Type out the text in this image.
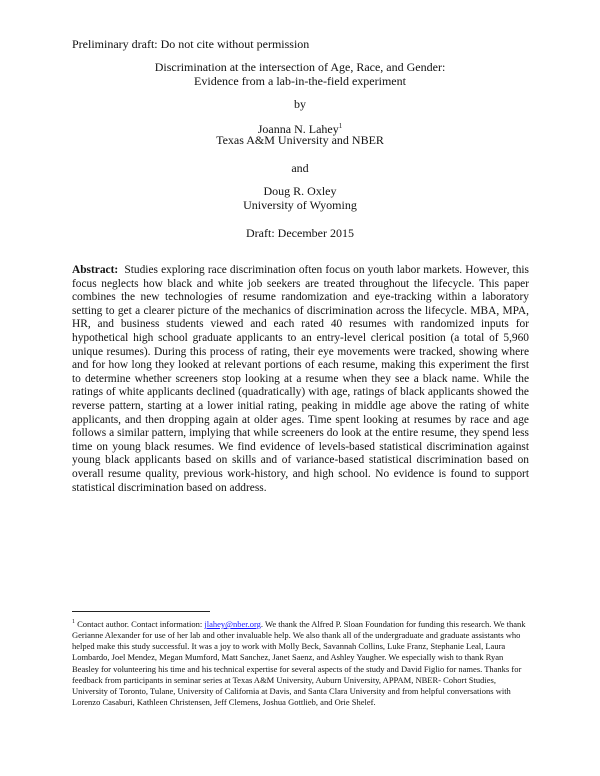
Preliminary draft: Do not cite without permission
Discrimination at the intersection of Age, Race, and Gender:
Evidence from a lab-in-the-field experiment
by
Joanna N. Lahey$^1$
Texas A&M University and NBER
and
Doug R. Oxley
University of Wyoming
Draft: December 2015
Abstract: Studies exploring race discrimination often focus on youth labor markets. However, this focus neglects how black and white job seekers are treated throughout the lifecycle. This paper combines the new technologies of resume randomization and eye-tracking within a laboratory setting to get a clearer picture of the mechanics of discrimination across the lifecycle. MBA, MPA, HR, and business students viewed and each rated 40 resumes with randomized inputs for hypothetical high school graduate applicants to an entry-level clerical position (a total of 5,960 unique resumes). During this process of rating, their eye movements were tracked, showing where and for how long they looked at relevant portions of each resume, making this experiment the first to determine whether screeners stop looking at a resume when they see a black name. While the ratings of white applicants declined (quadratically) with age, ratings of black applicants showed the reverse pattern, starting at a lower initial rating, peaking in middle age above the rating of white applicants, and then dropping again at older ages. Time spent looking at resumes by race and age follows a similar pattern, implying that while screeners do look at the entire resume, they spend less time on young black resumes. We find evidence of levels-based statistical discrimination against young black applicants based on skills and of variance-based statistical discrimination based on overall resume quality, previous work-history, and high school. No evidence is found to support statistical discrimination based on address.
$^1$ Contact author. Contact information: jlahey@nber.org. We thank the Alfred P. Sloan Foundation for funding this research. We thank Gerianne Alexander for use of her lab and other invaluable help. We also thank all of the undergraduate and graduate assistants who helped make this study successful. It was a joy to work with Molly Beck, Savannah Collins, Luke Franz, Stephanie Leal, Laura Lombardo, Joel Mendez, Megan Mumford, Matt Sanchez, Janet Saenz, and Ashley Yaugher. We especially wish to thank Ryan Beasley for volunteering his time and his technical expertise for several aspects of the study and David Figlio for names. Thanks for feedback from participants in seminar series at Texas A&M University, Auburn University, APPAM, NBER- Cohort Studies, University of Toronto, Tulane, University of California at Davis, and Santa Clara University and from helpful conversations with Lorenzo Casaburi, Kathleen Christensen, Jeff Clemens, Joshua Gottlieb, and Orie Shelef.
